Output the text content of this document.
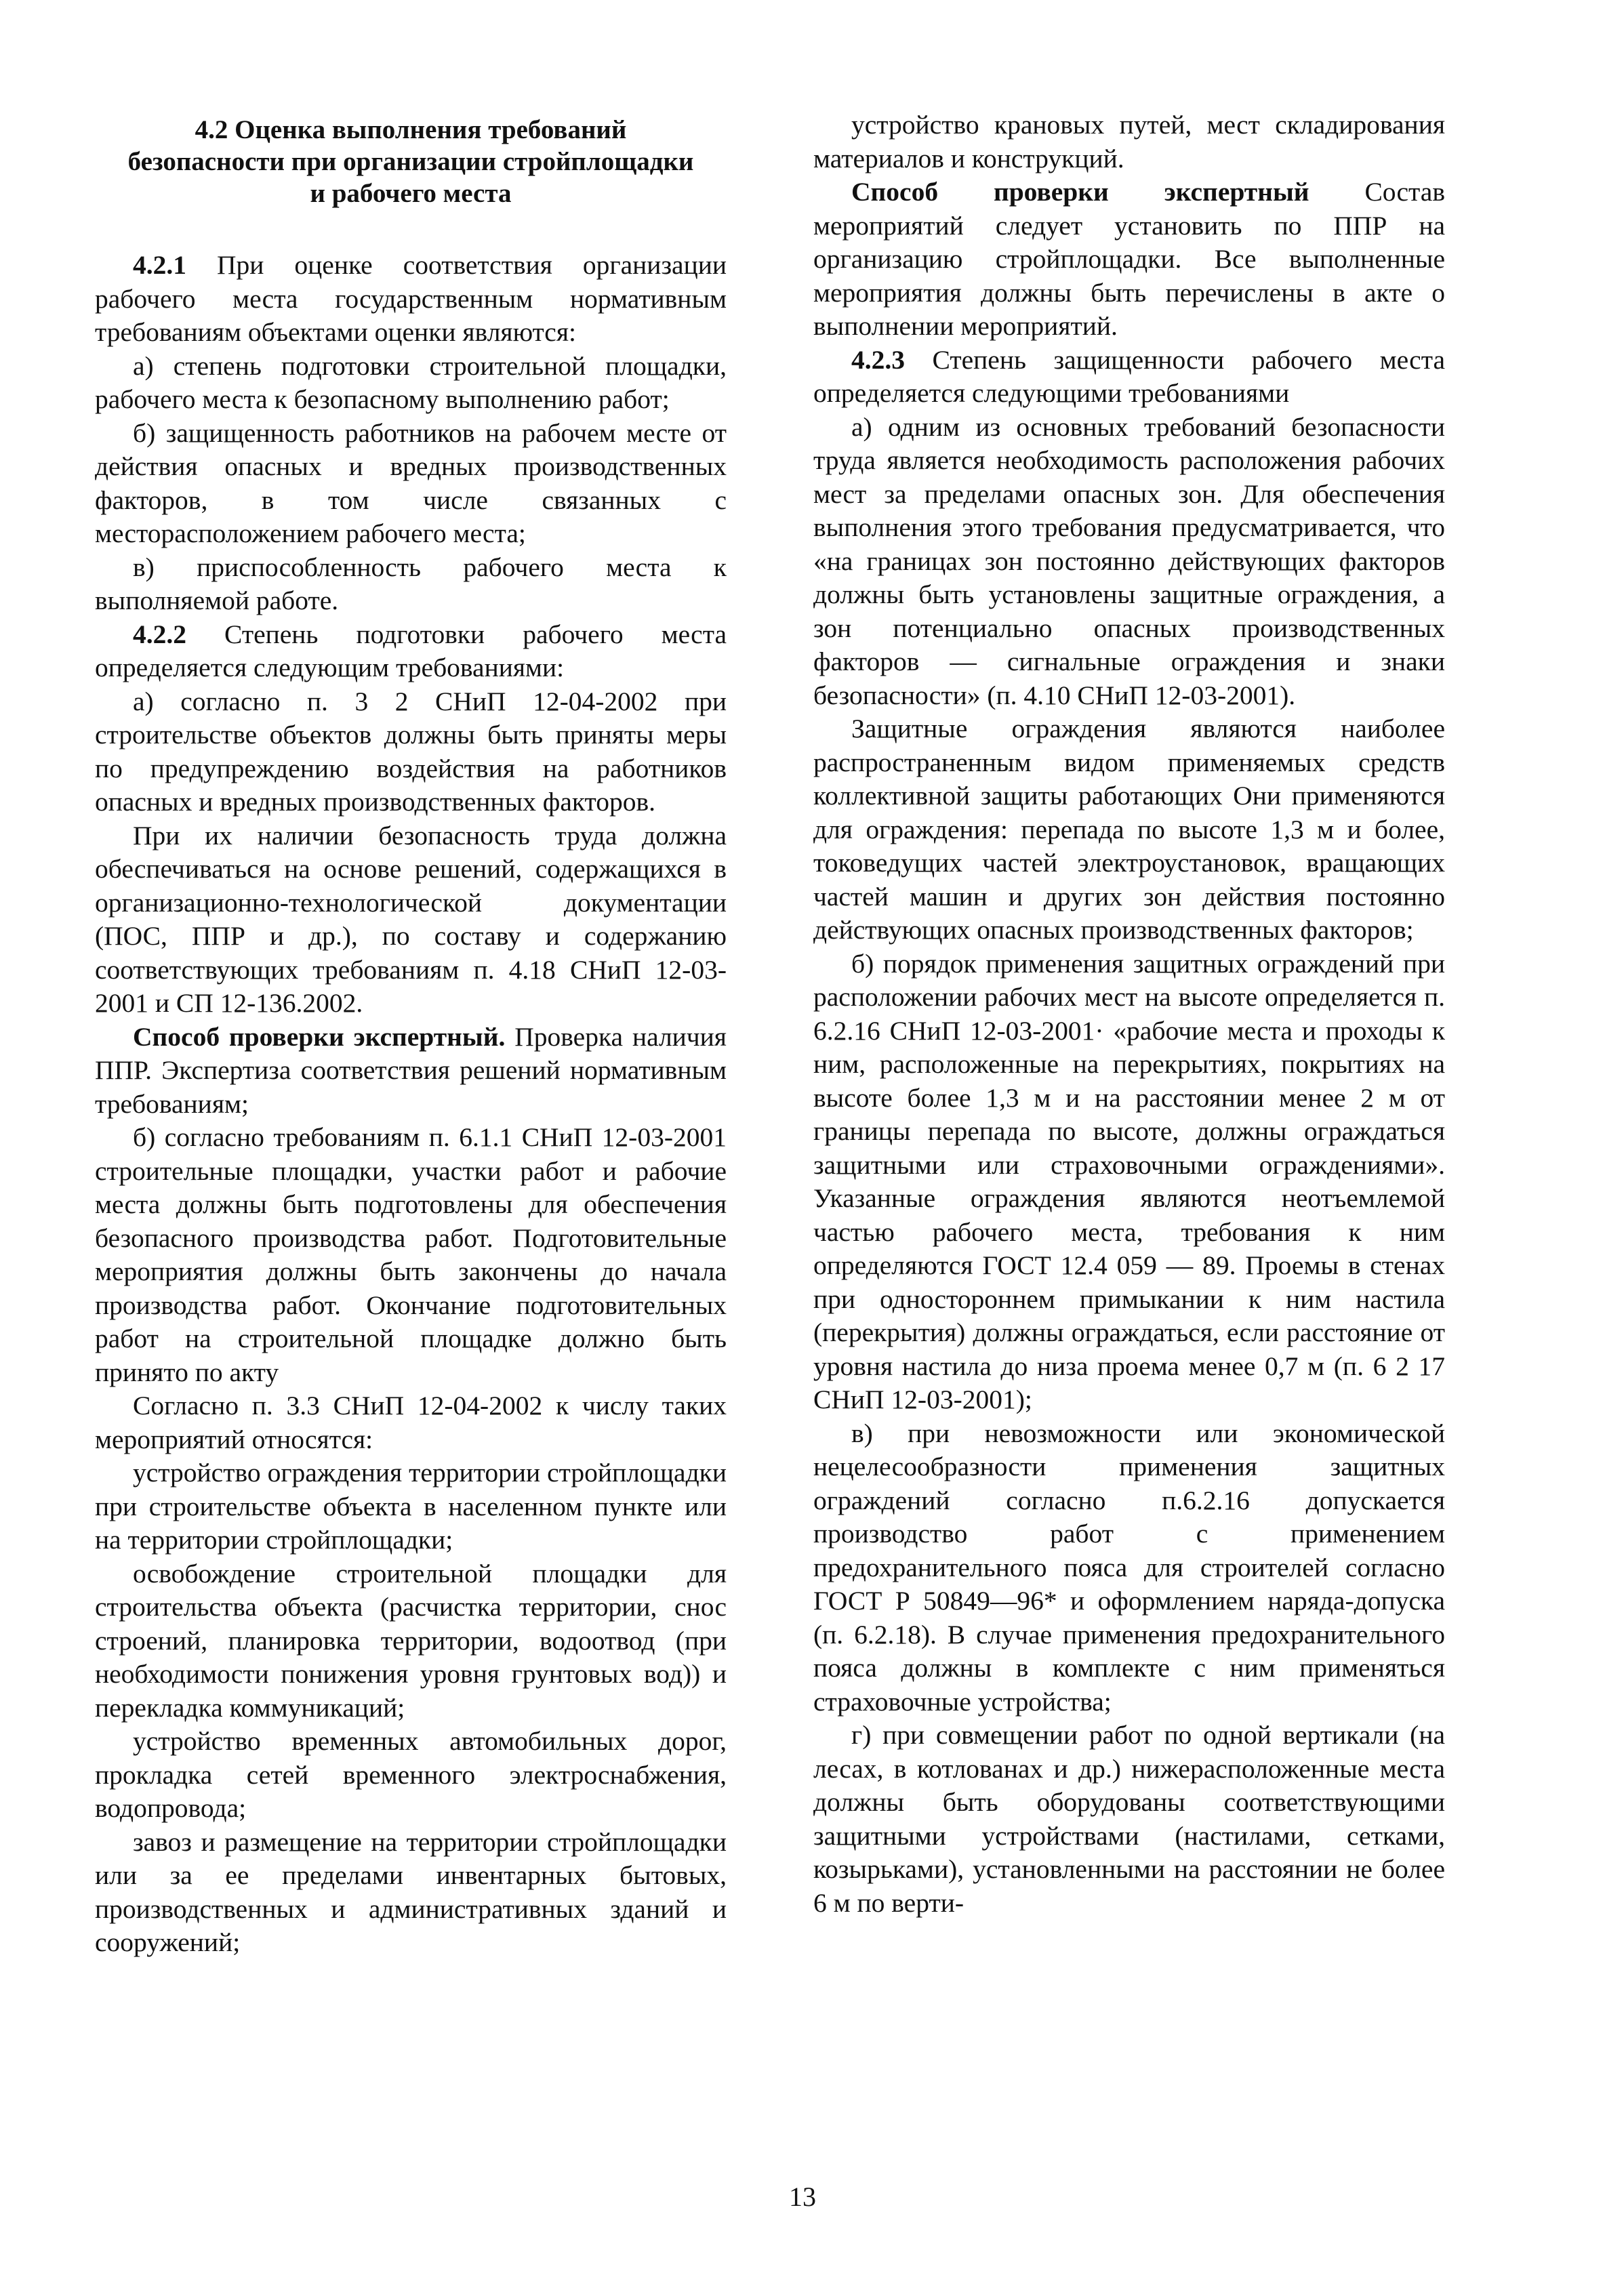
4.2 Оценка выполнения требований
безопасности при организации стройплощадки
и рабочего места

4.2.1 При оценке соответствия организации рабочего места государственным нормативным требованиям объектами оценки являются:

а) степень подготовки строительной площадки, рабочего места к безопасному выполнению работ;

б) защищенность работников на рабочем месте от действия опасных и вредных производственных факторов, в том числе связанных с месторасположением рабочего места;

в) приспособленность рабочего места к выполняемой работе.

4.2.2 Степень подготовки рабочего места определяется следующим требованиями:

а) согласно п. 3 2 СНиП 12-04-2002 при строительстве объектов должны быть приняты меры по предупреждению воздействия на работников опасных и вредных производственных факторов.

При их наличии безопасность труда должна обеспечиваться на основе решений, содержащихся в организационно-технологической документации (ПОС, ППР и др.), по составу и содержанию соответствующих требованиям п. 4.18 СНиП 12-03-2001 и СП 12-136.2002.

Способ проверки экспертный. Проверка наличия ППР. Экспертиза соответствия решений нормативным требованиям;

б) согласно требованиям п. 6.1.1 СНиП 12-03-2001 строительные площадки, участки работ и рабочие места должны быть подготовлены для обеспечения безопасного производства работ. Подготовительные мероприятия должны быть закончены до начала производства работ. Окончание подготовительных работ на строительной площадке должно быть принято по акту

Согласно п. 3.3 СНиП 12-04-2002 к числу таких мероприятий относятся:

устройство ограждения территории стройплощадки при строительстве объекта в населенном пункте или на территории стройплощадки;

освобождение строительной площадки для строительства объекта (расчистка территории, снос строений, планировка территории, водоотвод (при необходимости понижения уровня грунтовых вод)) и перекладка коммуникаций;

устройство временных автомобильных дорог, прокладка сетей временного электроснабжения, водопровода;

завоз и размещение на территории стройплощадки или за ее пределами инвентарных бытовых, производственных и административных зданий и сооружений;

устройство крановых путей, мест складирования материалов и конструкций.

Способ проверки экспертный Состав мероприятий следует установить по ППР на организацию стройплощадки. Все выполненные мероприятия должны быть перечислены в акте о выполнении мероприятий.

4.2.3 Степень защищенности рабочего места определяется следующими требованиями

а) одним из основных требований безопасности труда является необходимость расположения рабочих мест за пределами опасных зон. Для обеспечения выполнения этого требования предусматривается, что «на границах зон постоянно действующих факторов должны быть установлены защитные ограждения, а зон потенциально опасных производственных факторов — сигнальные ограждения и знаки безопасности» (п. 4.10 СНиП 12-03-2001).

Защитные ограждения являются наиболее распространенным видом применяемых средств коллективной защиты работающих Они применяются для ограждения: перепада по высоте 1,3 м и более, токоведущих частей электроустановок, вращающих частей машин и других зон действия постоянно действующих опасных производственных факторов;

б) порядок применения защитных ограждений при расположении рабочих мест на высоте определяется п. 6.2.16 СНиП 12-03-2001· «рабочие места и проходы к ним, расположенные на перекрытиях, покрытиях на высоте более 1,3 м и на расстоянии менее 2 м от границы перепада по высоте, должны ограждаться защитными или страховочными ограждениями». Указанные ограждения являются неотъемлемой частью рабочего места, требования к ним определяются ГОСТ 12.4 059 — 89. Проемы в стенах при одностороннем примыкании к ним настила (перекрытия) должны ограждаться, если расстояние от уровня настила до низа проема менее 0,7 м (п. 6 2 17 СНиП 12-03-2001);

в) при невозможности или экономической нецелесообразности применения защитных ограждений согласно п.6.2.16 допускается производство работ с применением предохранительного пояса для строителей согласно ГОСТ Р 50849—96* и оформлением наряда-допуска (п. 6.2.18). В случае применения предохранительного пояса должны в комплекте с ним применяться страховочные устройства;

г) при совмещении работ по одной вертикали (на лесах, в котлованах и др.) нижерасположенные места должны быть оборудованы соответствующими защитными устройствами (настилами, сетками, козырьками), установленными на расстоянии не более 6 м по верти-

13
